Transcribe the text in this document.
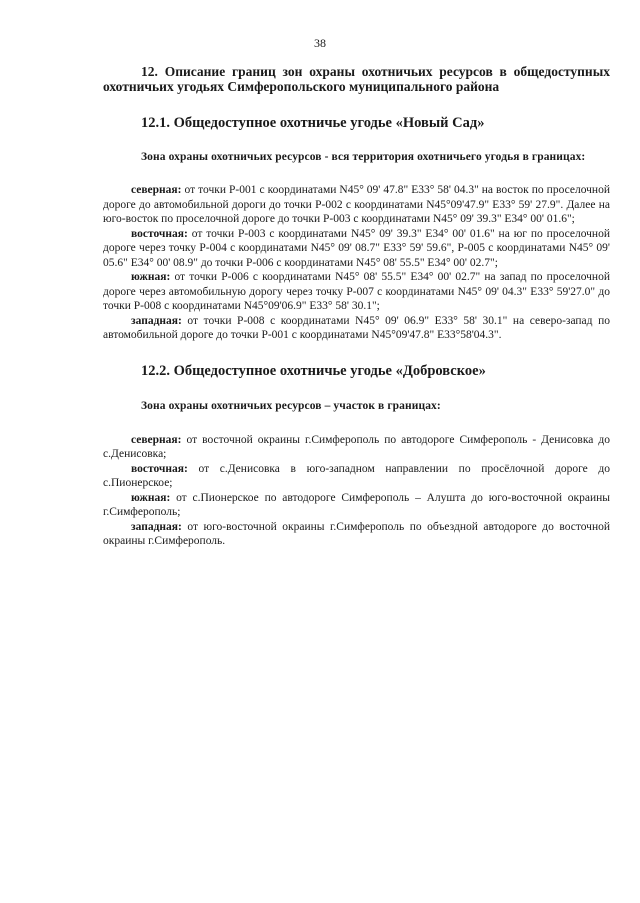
38

12. Описание границ зон охраны охотничьих ресурсов в общедоступных охотничьих угодьях Симферопольского муниципального района

12.1. Общедоступное охотничье угодье «Новый Сад»

Зона охраны охотничьих ресурсов - вся территория охотничьего угодья в границах:

северная: от точки Р-001 с координатами N45° 09' 47.8" E33° 58' 04.3" на восток по проселочной дороге до автомобильной дороги до точки Р-002 с координатами N45°09'47.9" E33° 59' 27.9". Далее на юго-восток по проселочной дороге до точки Р-003 с координатами N45° 09' 39.3" E34° 00' 01.6";

восточная: от точки Р-003 с координатами N45° 09' 39.3" E34° 00' 01.6" на юг по проселочной дороге через точку Р-004 с координатами N45° 09' 08.7" E33° 59' 59.6", Р-005 с координатами N45° 09' 05.6" E34° 00' 08.9" до точки Р-006 с координатами N45° 08' 55.5" E34° 00' 02.7";

южная: от точки Р-006 с координатами N45° 08' 55.5" E34° 00' 02.7" на запад по проселочной дороге через автомобильную дорогу через точку Р-007 с координатами N45° 09' 04.3" E33° 59'27.0" до точки Р-008 с координатами N45°09'06.9" E33° 58' 30.1";

западная: от точки Р-008 с координатами N45° 09' 06.9" E33° 58' 30.1" на северо-запад по автомобильной дороге до точки Р-001 с координатами N45°09'47.8" E33°58'04.3".

12.2. Общедоступное охотничье угодье «Добровское»

Зона охраны охотничьих ресурсов – участок в границах:

северная: от восточной окраины г.Симферополь по автодороге Симферополь - Денисовка до с.Денисовка;

восточная: от с.Денисовка в юго-западном направлении по просёлочной дороге до с.Пионерское;

южная: от с.Пионерское по автодороге Симферополь – Алушта до юго-восточной окраины г.Симферополь;

западная: от юго-восточной окраины г.Симферополь по объездной автодороге до восточной окраины г.Симферополь.
